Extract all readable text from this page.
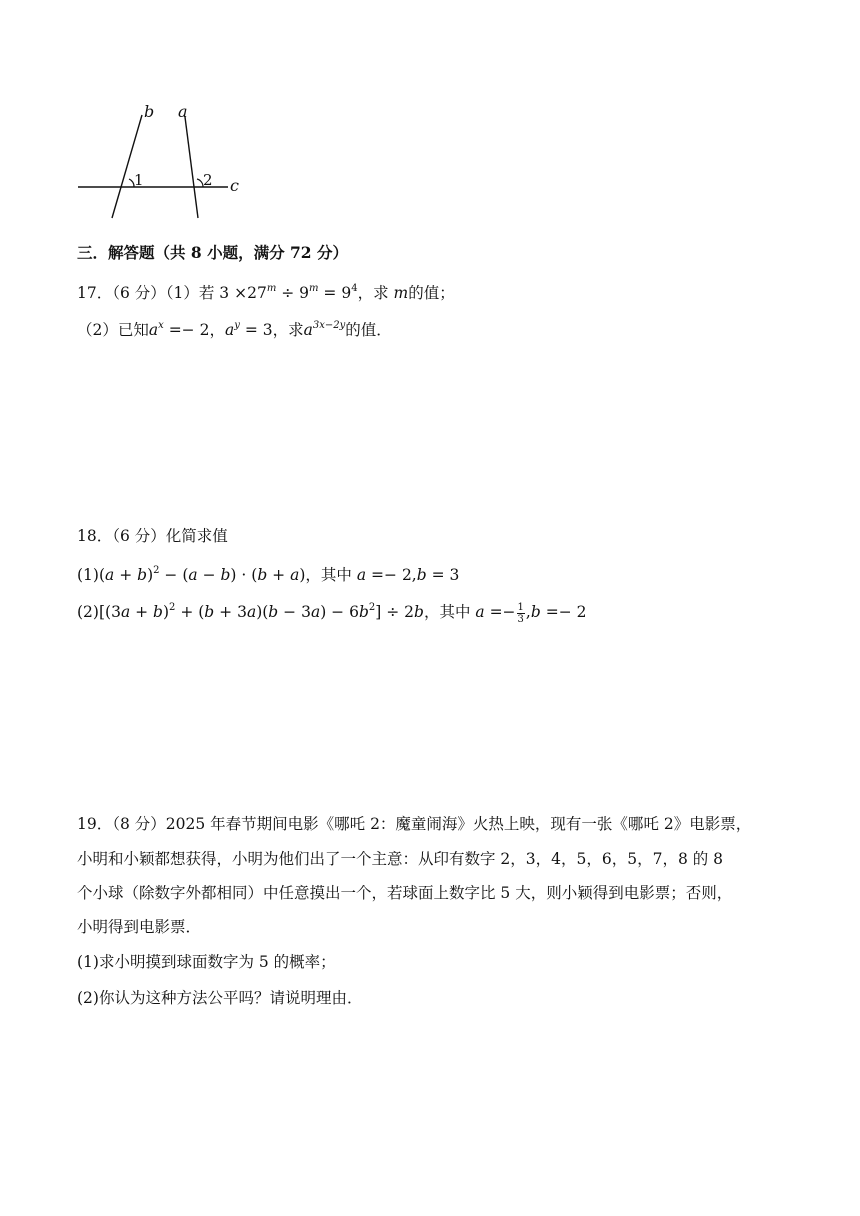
b a
c
1	2
三．解答题（共 8 小题，满分 72 分）
17．（6 分）（1）若 $3 \times 27^m \div 9^m = 9^4$，求 m的值；
（2）已知$a^x =- 2$，$a^y = 3$，求$a^{3x-2y}$的值．
18．（6 分）化简求值
$(1)(a + b)^2 - (a - b) \cdot (b + a)$，其中 a =− 2,b = 3
$(2)[(3a + b)^2 + (b + 3a)(b - 3a) - 6b^2] \div 2b$，其中 $a =- \frac{1}{3} ,b =- 2$
19．（8 分）2025 年春节期间电影《哪吒 2：魔童闹海》火热上映，现有一张《哪吒 2》电影票，
小明和小颖都想获得，小明为他们出了一个主意：从印有数字 2，3，4，5，6，5，7，8 的 8
个小球（除数字外都相同）中任意摸出一个，若球面上数字比 5 大，则小颖得到电影票；否则，
小明得到电影票．
(1)求小明摸到球面数字为 5 的概率；
(2)你认为这种方法公平吗？请说明理由．
